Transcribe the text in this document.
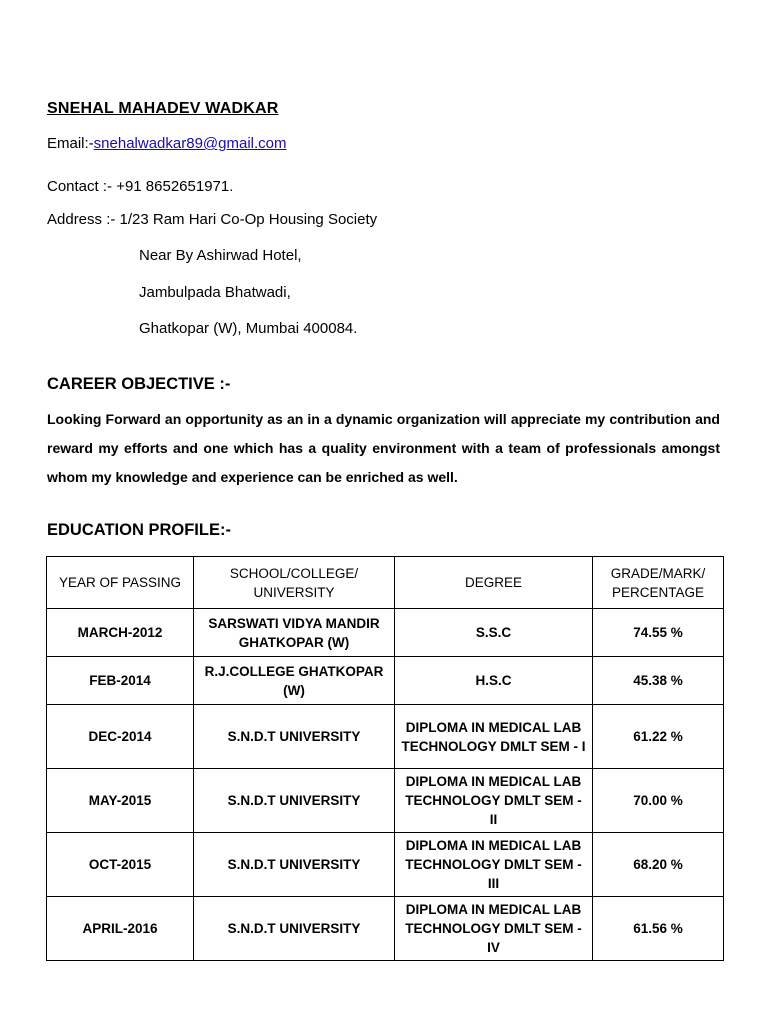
SNEHAL MAHADEV WADKAR
Email:-snehalwadkar89@gmail.com
Contact :- +91 8652651971.
Address :- 1/23 Ram Hari Co-Op Housing Society
Near By Ashirwad Hotel,
Jambulpada Bhatwadi,
Ghatkopar (W), Mumbai 400084.
CAREER OBJECTIVE :-
Looking Forward an opportunity as an in a dynamic organization will appreciate my contribution and reward my efforts and one which has a quality environment with a team of professionals amongst whom my knowledge and experience can be enriched as well.
EDUCATION PROFILE:-
YEAR OF PASSING	SCHOOL/COLLEGE/ UNIVERSITY	DEGREE	GRADE/MARK/ PERCENTAGE
MARCH-2012	SARSWATI VIDYA MANDIR GHATKOPAR (W)	S.S.C	74.55 %
FEB-2014	R.J.COLLEGE GHATKOPAR (W)	H.S.C	45.38 %
DEC-2014	S.N.D.T UNIVERSITY	DIPLOMA IN MEDICAL LAB TECHNOLOGY DMLT SEM - I	61.22 %
MAY-2015	S.N.D.T UNIVERSITY	DIPLOMA IN MEDICAL LAB TECHNOLOGY DMLT SEM - II	70.00 %
OCT-2015	S.N.D.T UNIVERSITY	DIPLOMA IN MEDICAL LAB TECHNOLOGY DMLT SEM - III	68.20 %
APRIL-2016	S.N.D.T UNIVERSITY	DIPLOMA IN MEDICAL LAB TECHNOLOGY DMLT SEM - IV	61.56 %
